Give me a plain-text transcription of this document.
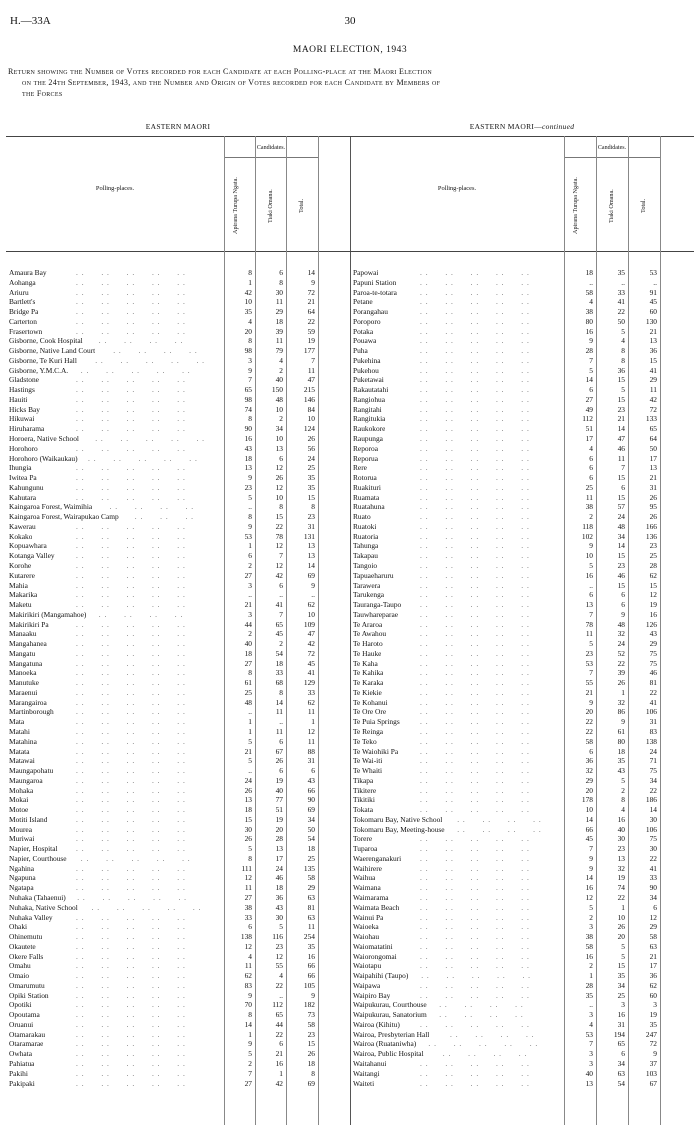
H.—33A	30
MAORI ELECTION, 1943
Return showing the Number of Votes recorded for each Candidate at each Polling-place at the Maori Election
on the 24th September, 1943, and the Number and Origin of Votes recorded for each Candidate by Members of
the Forces
EASTERN MAORI
Polling-places.
Candidates.
Apirana Turupa Ngata.	Tiaki Omana.	Total.
Amaura Bay	. .  . .  . .  . .  . .	8	6	14
Aohanga	. .  . .  . .  . .  . .	1	8	9
Ariuru	. .  . .  . .  . .  . .	42	30	72
Bartlett's	. .  . .  . .  . .  . .	10	11	21
Bridge Pa	. .  . .  . .  . .  . .	35	29	64
Carterton	. .  . .  . .  . .  . .	4	18	22
Frasertown	. .  . .  . .  . .  . .	20	39	59
Gisborne, Cook Hospital . .  . .  . .  . .	8	11	19
Gisborne, Native Land Court . .  . .  . .  . .	98	79	177
Gisborne, Te Kuri Hall . .  . .  . .  . .  . .	3	4	7
Gisborne, Y.M.C.A. . .  . .  . .  . .  . .	9	2	11
Gladstone	. .  . .  . .  . .  . .	7	40	47
Hastings	. .  . .  . .  . .  . .	65	150	215
Hauiti	. .  . .  . .  . .  . .	98	48	146
Hicks Bay	. .  . .  . .  . .  . .	74	10	84
Hikuwai	. .  . .  . .  . .  . .	8	2	10
Hiruharama	. .  . .  . .  . .  . .	90	34	124
Horoera, Native School . .  . .  . .  . .  . .	16	10	26
Horohoro	. .  . .  . .  . .  . .	43	13	56
Horohoro (Waikaukau) . .  . .  . .  . .  . .	18	6	24
Ihungia	. .  . .  . .  . .  . .	13	12	25
Iwitea Pa	. .  . .  . .  . .  . .	9	26	35
Kahungunu	. .  . .  . .  . .  . .	23	12	35
Kahutara	. .  . .  . .  . .  . .	5	10	15
Kaingaroa Forest, Waimihia . .  . .  . .  . .	..	8	8
Kaingaroa Forest, Wairapukao Camp . .  . .  . .	8	15	23
Kawerau	. .  . .  . .  . .  . .	9	22	31
Kokako	. .  . .  . .  . .  . .	53	78	131
Kopuawhara	. .  . .  . .  . .  . .	1	12	13
Kotanga Valley	. .  . .  . .  . .  . .	6	7	13
Korohe	. .  . .  . .  . .  . .	2	12	14
Kutarere	. .  . .  . .  . .  . .	27	42	69
Mahia	. .  . .  . .  . .  . .	3	6	9
Makarika	. .  . .  . .  . .  . .	..	..	..
Maketu	. .  . .  . .  . .  . .	21	41	62
Makirikiri (Mangamahoe) . .  . .  . .  . .	3	7	10
Makirikiri Pa	. .  . .  . .  . .  . .	44	65	109
Manaaku	. .  . .  . .  . .  . .	2	45	47
Mangahanea	. .  . .  . .  . .  . .	40	2	42
Mangatu	. .  . .  . .  . .  . .	18	54	72
Mangatuna	. .  . .  . .  . .  . .	27	18	45
Manoeka	. .  . .  . .  . .  . .	8	33	41
Manutuke	. .  . .  . .  . .  . .	61	68	129
Maraenui	. .  . .  . .  . .  . .	25	8	33
Marangairoa	. .  . .  . .  . .  . .	48	14	62
Martinborough	. .  . .  . .  . .  . .	..	11	11
Mata	. .  . .  . .  . .  . .	1	..	1
Matahi	. .  . .  . .  . .  . .	1	11	12
Matahina	. .  . .  . .  . .  . .	5	6	11
Matata	. .  . .  . .  . .  . .	21	67	88
Matawai	. .  . .  . .  . .  . .	5	26	31
Maungapohatu	. .  . .  . .  . .  . .	..	6	6
Maungaroa	. .  . .  . .  . .  . .	24	19	43
Mohaka	. .  . .  . .  . .  . .	26	40	66
Mokai	. .  . .  . .  . .  . .	13	77	90
Motoe	. .  . .  . .  . .  . .	18	51	69
Motiti Island	. .  . .  . .  . .  . .	15	19	34
Mourea	. .  . .  . .  . .  . .	30	20	50
Muriwai	. .  . .  . .  . .  . .	26	28	54
Napier, Hospital . .  . .  . .  . .  . .	5	13	18
Napier, Courthouse . .  . .  . .  . .  . .	8	17	25
Ngahina	. .  . .  . .  . .  . .	111	24	135
Ngapuna	. .  . .  . .  . .  . .	12	46	58
Ngatapa	. .  . .  . .  . .  . .	11	18	29
Nuhaka (Tahaenui) . .  . .  . .  . .  . .	27	36	63
Nuhaka, Native School . .  . .  . .  . .  . .	38	43	81
Nuhaka Valley	. .  . .  . .  . .  . .	33	30	63
Ohaki	. .  . .  . .  . .  . .	6	5	11
Ohinemutu	. .  . .  . .  . .  . .	138	116	254
Okautete	. .  . .  . .  . .  . .	12	23	35
Okere Falls	. .  . .  . .  . .  . .	4	12	16
Omahu	. .  . .  . .  . .  . .	11	55	66
Omaio	. .  . .  . .  . .  . .	62	4	66
Omarumutu	. .  . .  . .  . .  . .	83	22	105
Opiki Station	. .  . .  . .  . .  . .	9	..	9
Opotiki	. .  . .  . .  . .  . .	70	112	182
Opoutama	. .  . .  . .  . .  . .	8	65	73
Oruanui	. .  . .  . .  . .  . .	14	44	58
Otamarakau	. .  . .  . .  . .  . .	1	22	23
Otaramarae	. .  . .  . .  . .  . .	9	6	15
Owhata	. .  . .  . .  . .  . .	5	21	26
Pahiatua	. .  . .  . .  . .  . .	2	16	18
Pakihi	. .  . .  . .  . .  . .	7	1	8
Pakipaki	. .  . .  . .  . .  . .	27	42	69
EASTERN MAORI—continued
Polling-places.
Candidates.
Apirana Turupa Ngata.	Tiaki Omana.	Total.
Papowai	. .  . .  . .  . .  . .	18	35	53
Papuni Station	. .  . .  . .  . .  . .	..	..	..
Paroa-te-totara	. .  . .  . .  . .  . .	58	33	91
Petane	. .  . .  . .  . .  . .	4	41	45
Porangahau	. .  . .  . .  . .  . .	38	22	60
Poroporo	. .  . .  . .  . .  . .	80	50	130
Potaka	. .  . .  . .  . .  . .	16	5	21
Pouawa	. .  . .  . .  . .  . .	9	4	13
Puha	. .  . .  . .  . .  . .	28	8	36
Pukehina	. .  . .  . .  . .  . .	7	8	15
Pukehou	. .  . .  . .  . .  . .	5	36	41
Puketawai	. .  . .  . .  . .  . .	14	15	29
Rakautatahi	. .  . .  . .  . .  . .	6	5	11
Rangiohua	. .  . .  . .  . .  . .	27	15	42
Rangitahi	. .  . .  . .  . .  . .	49	23	72
Rangitukia	. .  . .  . .  . .  . .	112	21	133
Raukokore	. .  . .  . .  . .  . .	51	14	65
Raupunga	. .  . .  . .  . .  . .	17	47	64
Reporoa	. .  . .  . .  . .  . .	4	46	50
Reporua	. .  . .  . .  . .  . .	6	11	17
Rere	. .  . .  . .  . .  . .	6	7	13
Rotorua	. .  . .  . .  . .  . .	6	15	21
Ruakituri	. .  . .  . .  . .  . .	25	6	31
Ruamata	. .  . .  . .  . .  . .	11	15	26
Ruatahuna	. .  . .  . .  . .  . .	38	57	95
Ruato	. .  . .  . .  . .  . .	2	24	26
Ruatoki	. .  . .  . .  . .  . .	118	48	166
Ruatoria	. .  . .  . .  . .  . .	102	34	136
Tahunga	. .  . .  . .  . .  . .	9	14	23
Takapau	. .  . .  . .  . .  . .	10	15	25
Tangoio	. .  . .  . .  . .  . .	5	23	28
Tapuaeharuru	. .  . .  . .  . .  . .	16	46	62
Tarawera	. .  . .  . .  . .  . .	..	15	15
Tarukenga	. .  . .  . .  . .  . .	6	6	12
Tauranga-Taupo	. .  . .  . .  . .  . .	13	6	19
Tauwhareparae	. .  . .  . .  . .  . .	7	9	16
Te Araroa	. .  . .  . .  . .  . .	78	48	126
Te Awahou	. .  . .  . .  . .  . .	11	32	43
Te Haroto	. .  . .  . .  . .  . .	5	24	29
Te Hauke	. .  . .  . .  . .  . .	23	52	75
Te Kaha	. .  . .  . .  . .  . .	53	22	75
Te Kahika	. .  . .  . .  . .  . .	7	39	46
Te Karaka	. .  . .  . .  . .  . .	55	26	81
Te Kiekie	. .  . .  . .  . .  . .	21	1	22
Te Kohanui	. .  . .  . .  . .  . .	9	32	41
Te Ore Ore	. .  . .  . .  . .  . .	20	86	106
Te Puia Springs	. .  . .  . .  . .  . .	22	9	31
Te Reinga	. .  . .  . .  . .  . .	22	61	83
Te Teko	. .  . .  . .  . .  . .	58	80	138
Te Waiohiki Pa	. .  . .  . .  . .  . .	6	18	24
Te Wai-iti	. .  . .  . .  . .  . .	36	35	71
Te Whaiti	. .  . .  . .  . .  . .	32	43	75
Tikapa	. .  . .  . .  . .  . .	29	5	34
Tikitere	. .  . .  . .  . .  . .	20	2	22
Tikitiki	. .  . .  . .  . .  . .	178	8	186
Tokata	. .  . .  . .  . .  . .	10	4	14
Tokomaru Bay, Native School . .  . .  . .  . .	14	16	30
Tokomaru Bay, Meeting-house . .  . .  . .  . .	66	40	106
Torere	. .  . .  . .  . .  . .	45	30	75
Tuparoa	. .  . .  . .  . .  . .	7	23	30
Waerenganakuri	. .  . .  . .  . .  . .	9	13	22
Waihirere	. .  . .  . .  . .  . .	9	32	41
Waihua	. .  . .  . .  . .  . .	14	19	33
Waimana	. .  . .  . .  . .  . .	16	74	90
Waimarama	. .  . .  . .  . .  . .	12	22	34
Waimata Beach	. .  . .  . .  . .  . .	5	1	6
Wainui Pa	. .  . .  . .  . .  . .	2	10	12
Waioeka	. .  . .  . .  . .  . .	3	26	29
Waiohau	. .  . .  . .  . .  . .	38	20	58
Waiomatatini	. .  . .  . .  . .  . .	58	5	63
Waiorongomai	. .  . .  . .  . .  . .	16	5	21
Waiotapu	. .  . .  . .  . .  . .	2	15	17
Waipahihi (Taupo) . .  . .  . .  . .  . .	1	35	36
Waipawa	. .  . .  . .  . .  . .	28	34	62
Waipiro Bay	. .  . .  . .  . .  . .	35	25	60
Waipukurau, Courthouse . .  . .  . .  . .	..	3	3
Waipukurau, Sanatorium . .  . .  . .  . .	3	16	19
Wairoa (Kihitu)	. .  . .  . .  . .  . .	4	31	35
Wairoa, Presbyterian Hall	. .  . .  . .  . .	53	194	247
Wairoa (Ruataniwha) . .  . .  . .  . .  . .	7	65	72
Wairoa, Public Hospital	. .  . .  . .  . .	3	6	9
Waitahanui	. .  . .  . .  . .  . .	3	34	37
Waitangi	. .  . .  . .  . .  . .	40	63	103
Waiteti	. .  . .  . .  . .  . .	13	54	67
